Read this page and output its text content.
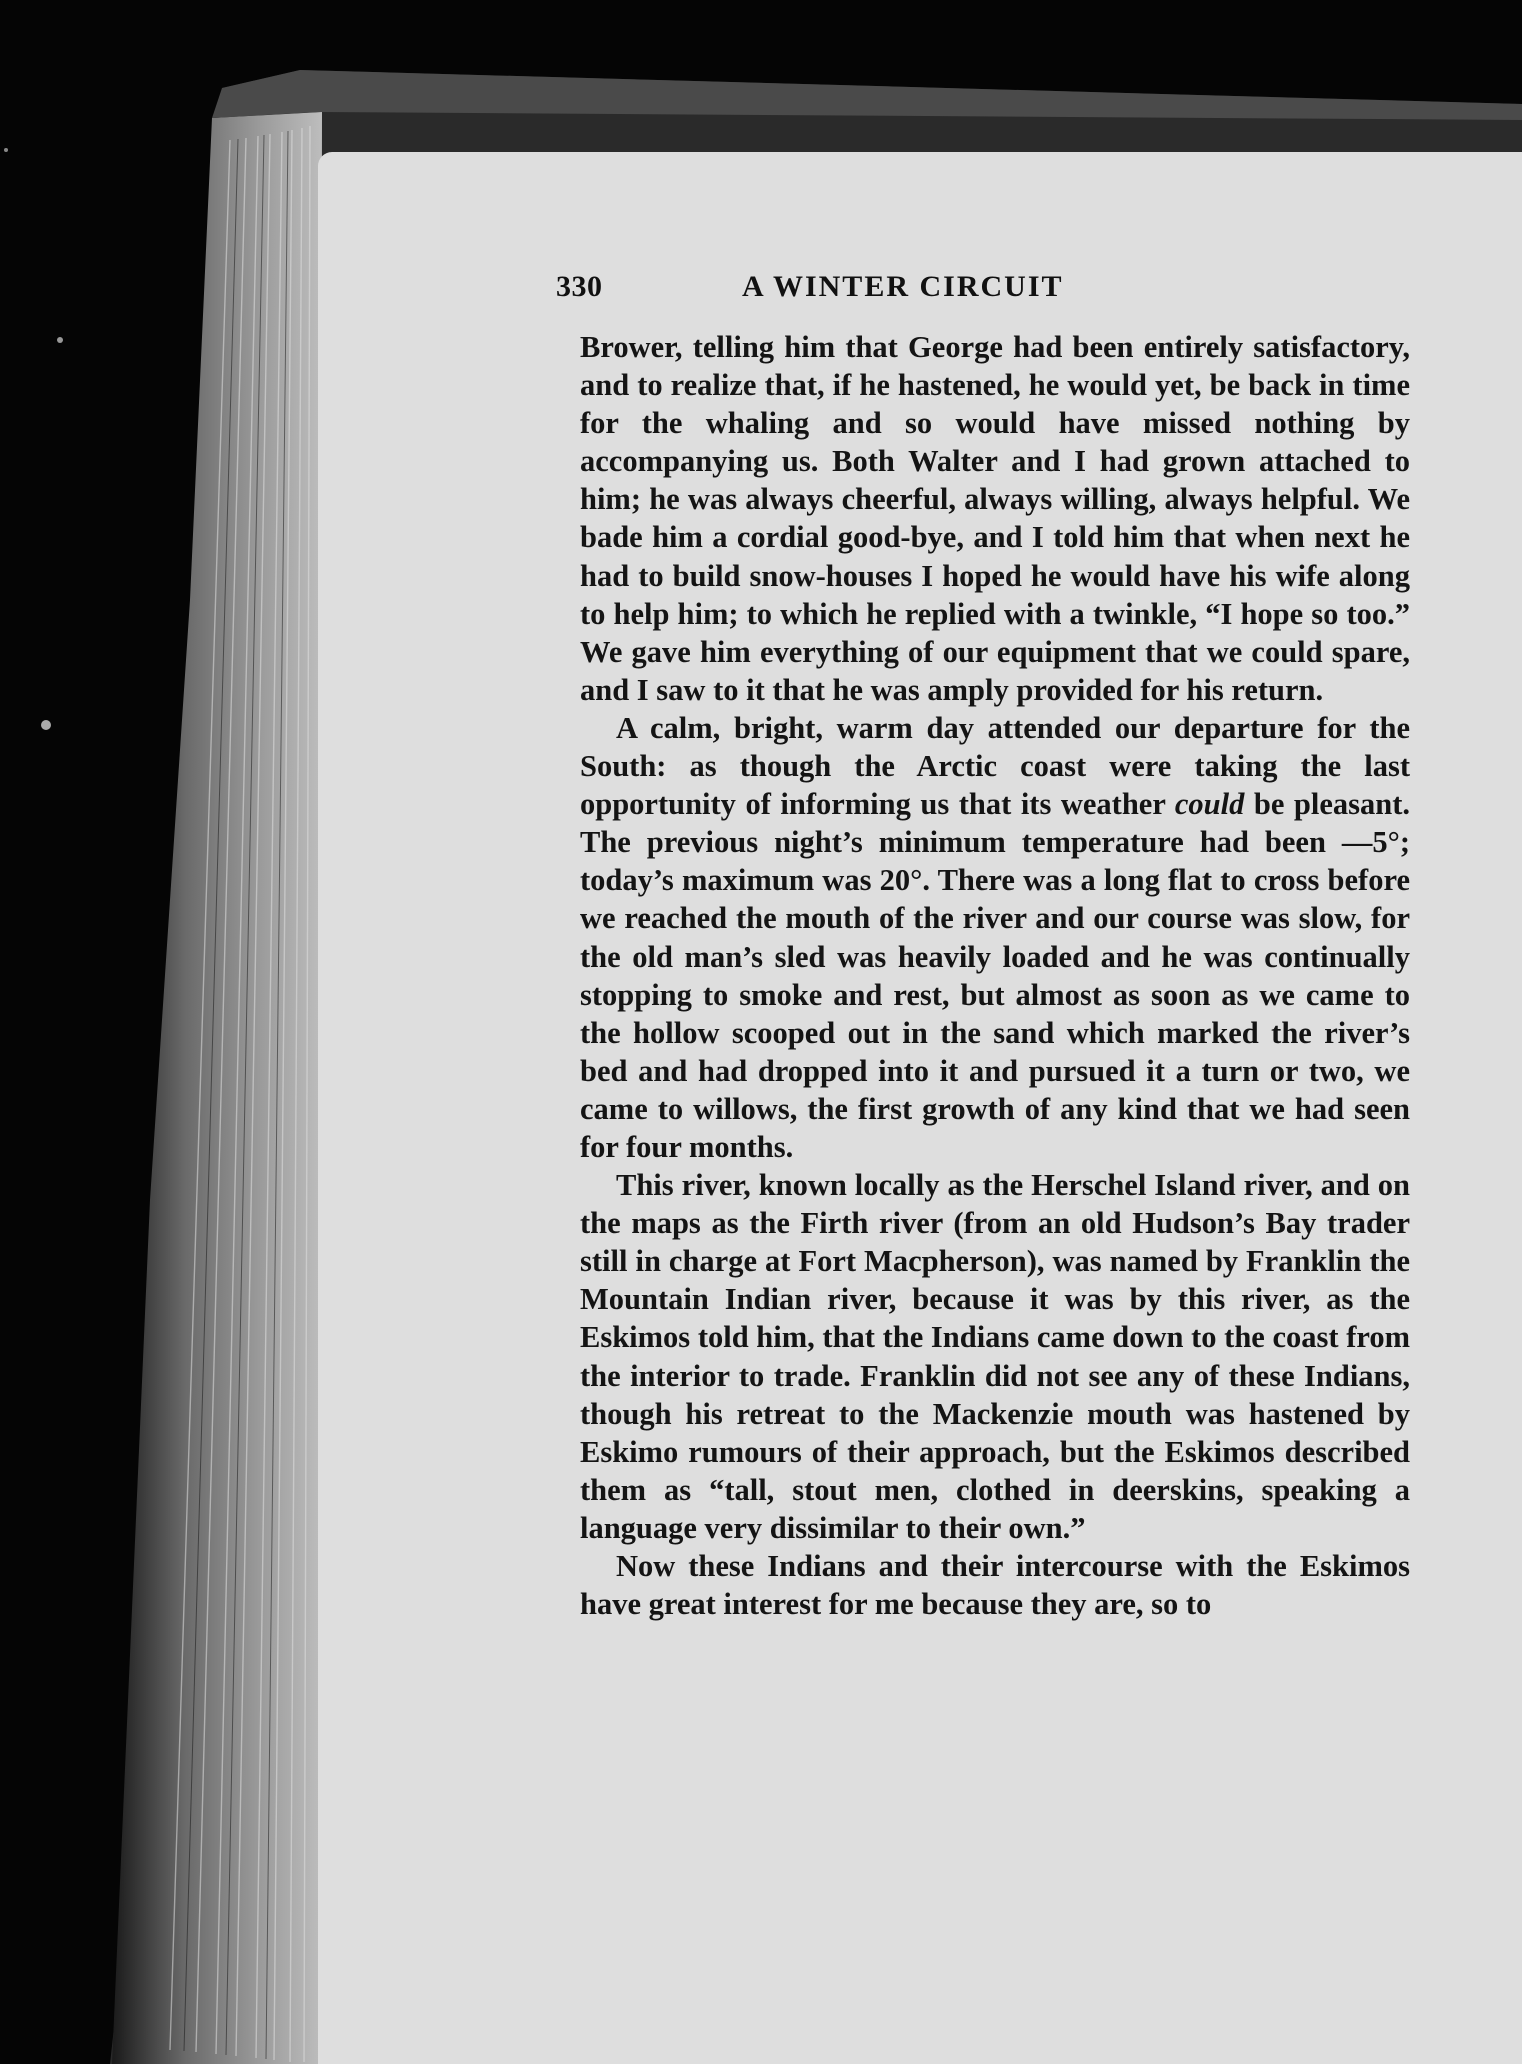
330	A WINTER CIRCUIT

Brower, telling him that George had been entirely satisfactory, and to realize that, if he hastened, he would yet, be back in time for the whaling and so would have missed nothing by accompanying us. Both Walter and I had grown attached to him; he was always cheerful, always willing, always helpful. We bade him a cordial good-bye, and I told him that when next he had to build snow-houses I hoped he would have his wife along to help him; to which he replied with a twinkle, “I hope so too.” We gave him everything of our equipment that we could spare, and I saw to it that he was amply provided for his return.

A calm, bright, warm day attended our departure for the South: as though the Arctic coast were taking the last opportunity of informing us that its weather could be pleasant. The previous night’s minimum temperature had been —5°; today’s maximum was 20°. There was a long flat to cross before we reached the mouth of the river and our course was slow, for the old man’s sled was heavily loaded and he was continually stopping to smoke and rest, but almost as soon as we came to the hollow scooped out in the sand which marked the river’s bed and had dropped into it and pursued it a turn or two, we came to willows, the first growth of any kind that we had seen for four months.

This river, known locally as the Herschel Island river, and on the maps as the Firth river (from an old Hudson’s Bay trader still in charge at Fort Macpherson), was named by Franklin the Mountain Indian river, because it was by this river, as the Eskimos told him, that the Indians came down to the coast from the interior to trade. Franklin did not see any of these Indians, though his retreat to the Mackenzie mouth was hastened by Eskimo rumours of their approach, but the Eskimos described them as “tall, stout men, clothed in deerskins, speaking a language very dissimilar to their own.”

Now these Indians and their intercourse with the Eskimos have great interest for me because they are, so to
